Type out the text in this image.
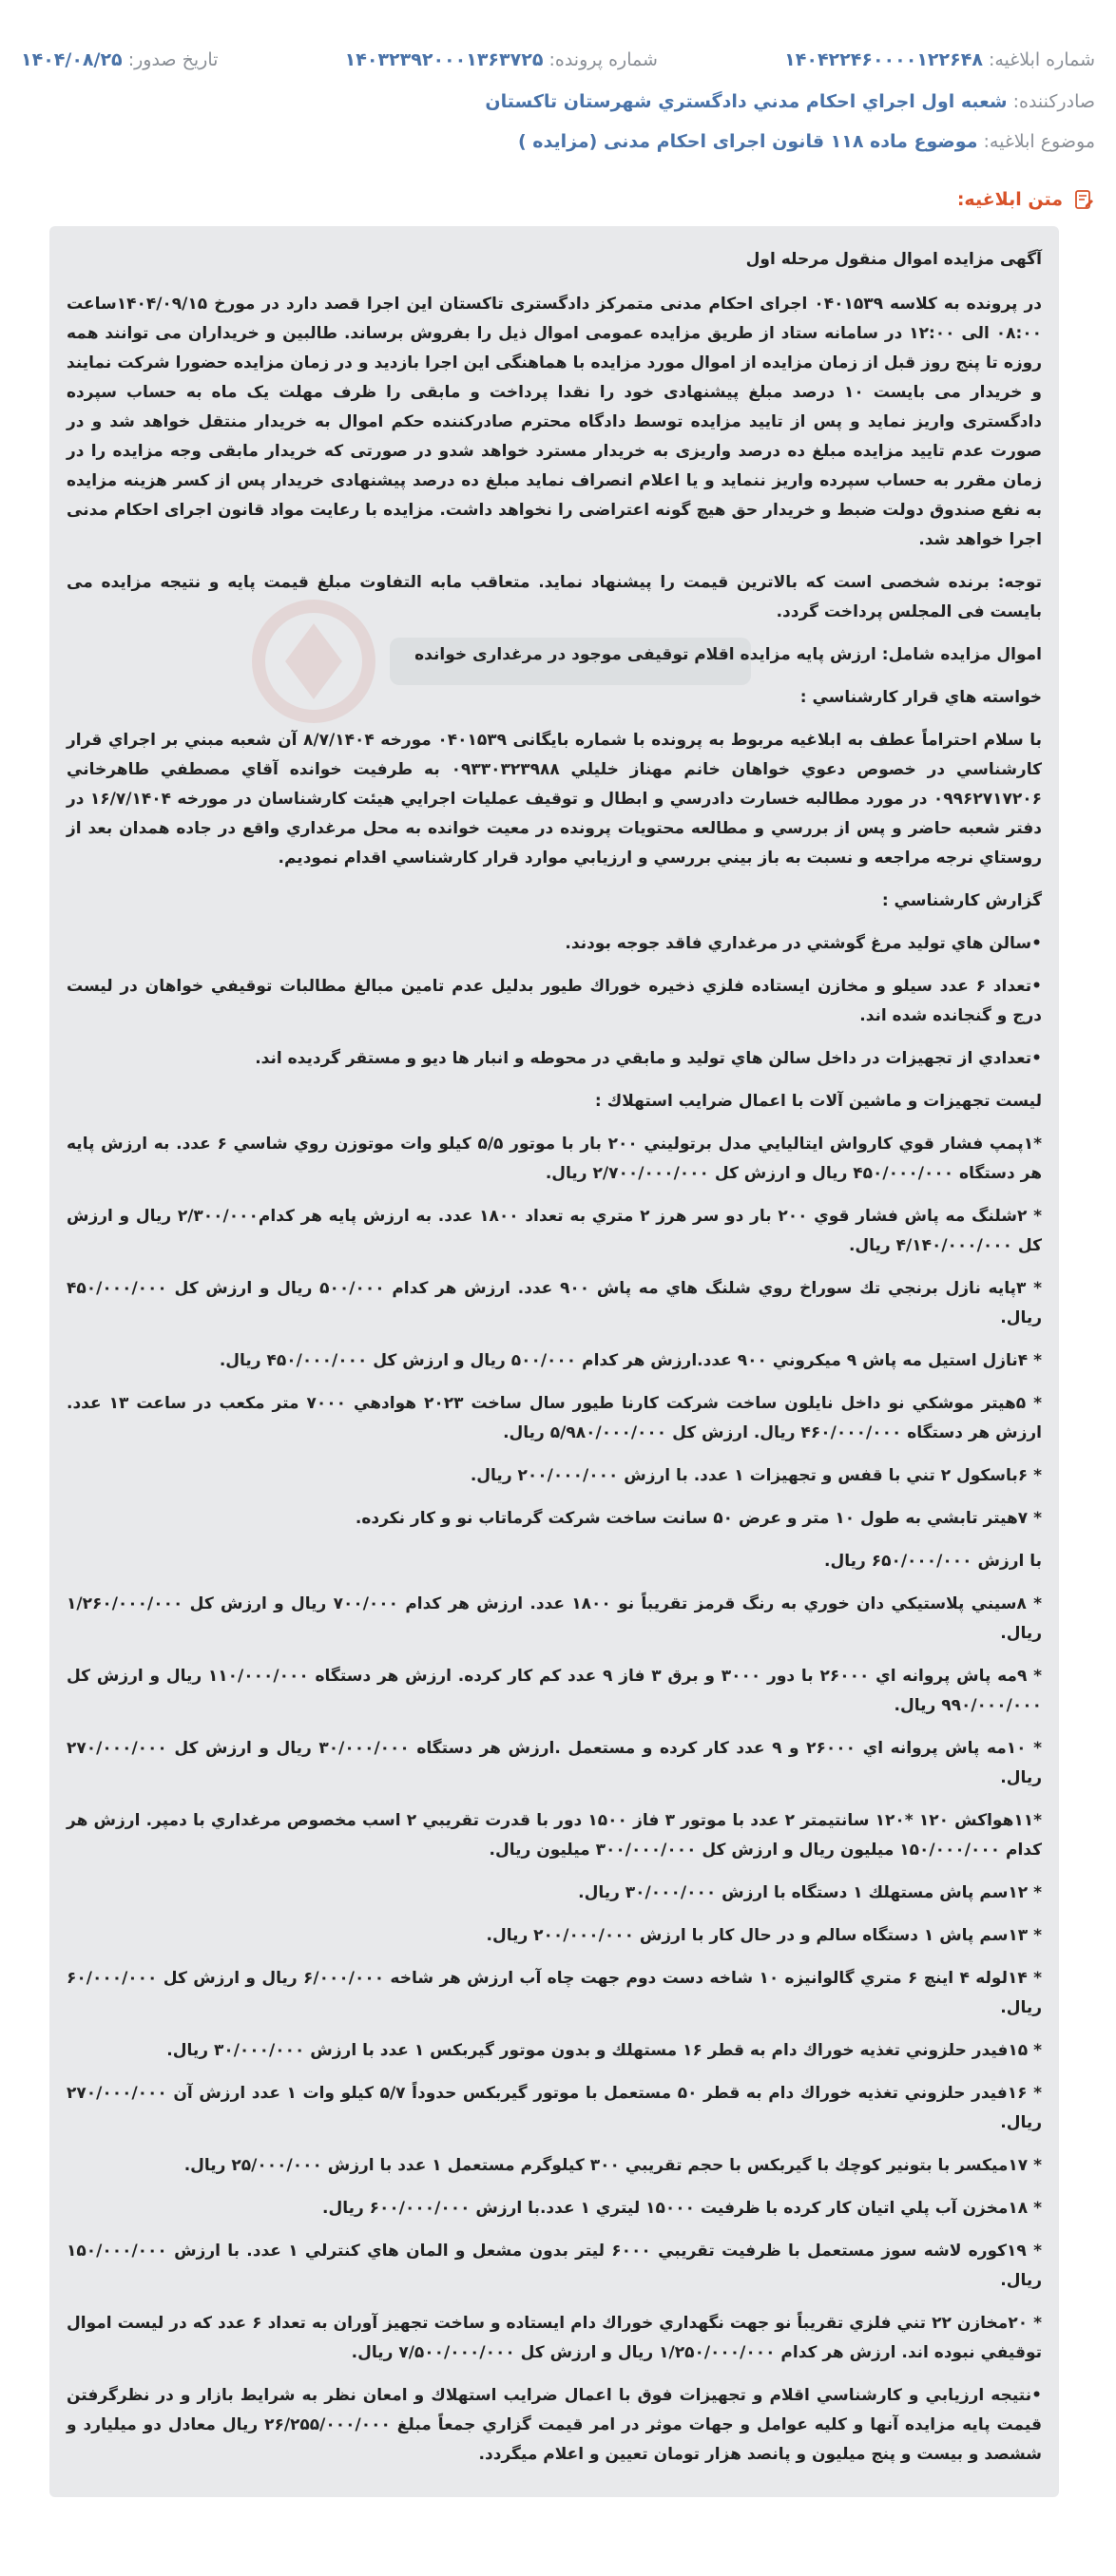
شماره ابلاغیه: ۱۴۰۴۲۲۴۶۰۰۰۰۱۲۲۶۴۸
شماره پرونده: ۱۴۰۳۲۳۹۲۰۰۰۱۳۶۳۷۲۵
تاریخ صدور: ۱۴۰۴/۰۸/۲۵
صادرکننده: شعبه اول اجراي احكام مدني دادگستري شهرستان تاكستان
موضوع ابلاغیه: موضوع ماده ۱۱۸ قانون اجرای احکام مدنی (مزایده )
متن ابلاغیه:

آگهی مزایده اموال منقول مرحله اول

در پرونده به کلاسه ۰۴۰۱۵۳۹ اجرای احکام مدنی متمرکز دادگستری تاکستان این اجرا قصد دارد در مورخ ۱۴۰۴/۰۹/۱۵ساعت ۰۸:۰۰ الی ۱۲:۰۰ در سامانه ستاد از طریق مزایده عمومی اموال ذیل را بفروش برساند. طالبین و خریداران می توانند همه روزه تا پنج روز قبل از زمان مزایده از اموال مورد مزایده با هماهنگی این اجرا بازدید و در زمان مزایده حضورا شرکت نمایند و خریدار می بایست ۱۰ درصد مبلغ پیشنهادی خود را نقدا پرداخت و مابقی را ظرف مهلت یک ماه به حساب سپرده دادگستری واریز نماید و پس از تایید مزایده توسط دادگاه محترم صادرکننده حکم اموال به خریدار منتقل خواهد شد و در صورت عدم تایید مزایده مبلغ ده درصد واریزی به خریدار مسترد خواهد شدو در صورتی که خریدار مابقی وجه مزایده را در زمان مقرر به حساب سپرده واریز ننماید و یا اعلام انصراف نماید مبلغ ده درصد پیشنهادی خریدار پس از کسر هزینه مزایده به نفع صندوق دولت ضبط و خریدار حق هیچ گونه اعتراضی را نخواهد داشت. مزایده با رعایت مواد قانون اجرای احکام مدنی اجرا خواهد شد.

توجه: برنده شخصی است که بالاترین قیمت را پیشنهاد نماید. متعاقب مابه التفاوت مبلغ قیمت پایه و نتیجه مزایده می بایست فی المجلس پرداخت گردد.

اموال مزایده شامل: ارزش پایه مزایده اقلام توقیفی موجود در مرغداری خوانده

خواسته هاي قرار كارشناسي :

با سلام احتراماً عطف به ابلاغیه مربوط به پرونده با شماره بایگانی ۰۴۰۱۵۳۹ مورخه ۸/۷/۱۴۰۴ آن شعبه مبني بر اجراي قرار كارشناسي در خصوص دعوي خواهان خانم مهناز خليلي ۰۹۳۳۰۳۲۳۹۸۸ به طرفيت خوانده آقاي مصطفي طاهرخاني ۰۹۹۶۲۷۱۷۲۰۶ در مورد مطالبه خسارت دادرسي و ابطال و توقيف عمليات اجرايي هيئت كارشناسان در مورخه ۱۶/۷/۱۴۰۴ در دفتر شعبه حاضر و پس از بررسي و مطالعه محتويات پرونده در معيت خوانده به محل مرغداري واقع در جاده همدان بعد از روستاي نرجه مراجعه و نسبت به باز بيني بررسي و ارزيابي موارد قرار كارشناسي اقدام نموديم.

گزارش كارشناسي :

•سالن هاي توليد مرغ گوشتي در مرغداري فاقد جوجه بودند.

•تعداد ۶ عدد سيلو و مخازن ايستاده فلزي ذخيره خوراك طيور بدليل عدم تامين مبالغ مطالبات توقيفي خواهان در ليست درج و گنجانده شده اند.

•تعدادي از تجهيزات در داخل سالن هاي توليد و مابقي در محوطه و انبار ها ديو و مستقر گرديده اند.

ليست تجهيزات و ماشين آلات با اعمال ضرايب استهلاك :

*۱پمپ فشار قوي كارواش ايتاليايي مدل برتوليني ۲۰۰ بار با موتور ۵/۵ كيلو وات موتوزن روي شاسي ۶ عدد. به ارزش پايه هر دستگاه ۴۵۰/۰۰۰/۰۰۰ ريال و ارزش كل ۲/۷۰۰/۰۰۰/۰۰۰ ريال.

* ۲شلنگ مه پاش فشار قوي ۲۰۰ بار دو سر هرز ۲ متري به تعداد ۱۸۰۰ عدد. به ارزش پايه هر كدام۲/۳۰۰/۰۰۰ ريال و ارزش كل ۴/۱۴۰/۰۰۰/۰۰۰ ريال.

* ۳پايه نازل برنجي تك سوراخ روي شلنگ هاي مه پاش ۹۰۰ عدد. ارزش هر كدام ۵۰۰/۰۰۰ ريال و ارزش كل ۴۵۰/۰۰۰/۰۰۰ ريال.

* ۴نازل استيل مه پاش ۹ ميكروني ۹۰۰ عدد.ارزش هر كدام ۵۰۰/۰۰۰ ريال و ارزش كل ۴۵۰/۰۰۰/۰۰۰ ريال.

* ۵هيتر موشكي نو داخل نايلون ساخت شركت كارنا طيور سال ساخت ۲۰۲۳ هوادهي ۷۰۰۰ متر مكعب در ساعت ۱۳ عدد. ارزش هر دستگاه ۴۶۰/۰۰۰/۰۰۰ ريال. ارزش كل ۵/۹۸۰/۰۰۰/۰۰۰ ريال.

* ۶باسكول ۲ تني با قفس و تجهيزات ۱ عدد. با ارزش ۲۰۰/۰۰۰/۰۰۰ ريال.

* ۷هيتر تابشي به طول ۱۰ متر و عرض ۵۰ سانت ساخت شركت گرماتاب نو و كار نكرده.

با ارزش ۶۵۰/۰۰۰/۰۰۰ ريال.

* ۸سيني پلاستيكي دان خوري به رنگ قرمز تقريباً نو ۱۸۰۰ عدد. ارزش هر كدام ۷۰۰/۰۰۰ ريال و ارزش كل ۱/۲۶۰/۰۰۰/۰۰۰ ريال.

* ۹مه پاش پروانه اي ۲۶۰۰۰ با دور ۳۰۰۰ و برق ۳ فاز ۹ عدد كم كار كرده. ارزش هر دستگاه ۱۱۰/۰۰۰/۰۰۰ ريال و ارزش كل ۹۹۰/۰۰۰/۰۰۰ ريال.

* ۱۰مه پاش پروانه اي ۲۶۰۰۰ و ۹ عدد كار كرده و مستعمل .ارزش هر دستگاه ۳۰/۰۰۰/۰۰۰ ريال و ارزش كل ۲۷۰/۰۰۰/۰۰۰ ريال.

*۱۱هواكش ۱۲۰ *۱۲۰ سانتيمتر ۲ عدد با موتور ۳ فاز ۱۵۰۰ دور با قدرت تقريبي ۲ اسب مخصوص مرغداري با دمپر. ارزش هر كدام ۱۵۰/۰۰۰/۰۰۰ ميليون ريال و ارزش كل ۳۰۰/۰۰۰/۰۰۰ ميليون ريال.

* ۱۲سم پاش مستهلك ۱ دستگاه با ارزش ۳۰/۰۰۰/۰۰۰ ريال.

* ۱۳سم پاش ۱ دستگاه سالم و در حال كار با ارزش ۲۰۰/۰۰۰/۰۰۰ ريال.

* ۱۴لوله ۴ اينچ ۶ متري گالوانيزه ۱۰ شاخه دست دوم جهت چاه آب ارزش هر شاخه ۶/۰۰۰/۰۰۰ ريال و ارزش كل ۶۰/۰۰۰/۰۰۰ ريال.

* ۱۵فيدر حلزوني تغذيه خوراك دام به قطر ۱۶ مستهلك و بدون موتور گيربكس ۱ عدد با ارزش ۳۰/۰۰۰/۰۰۰ ريال.

* ۱۶فيدر حلزوني تغذيه خوراك دام به قطر ۵۰ مستعمل با موتور گيربكس حدوداً ۵/۷ كيلو وات ۱ عدد ارزش آن ۲۷۰/۰۰۰/۰۰۰ ريال.

* ۱۷ميكسر با بتونير كوچك با گيربكس با حجم تقريبي ۳۰۰ كيلوگرم مستعمل ۱ عدد با ارزش ۲۵/۰۰۰/۰۰۰ ريال.

* ۱۸مخزن آب پلي اتيان كار كرده با ظرفيت ۱۵۰۰۰ ليتري ۱ عدد.با ارزش ۶۰۰/۰۰۰/۰۰۰ ريال.

* ۱۹كوره لاشه سوز مستعمل با ظرفيت تقريبي ۶۰۰۰ ليتر بدون مشعل و المان هاي كنترلي ۱ عدد. با ارزش ۱۵۰/۰۰۰/۰۰۰ ريال.

* ۲۰مخازن ۲۲ تني فلزي تقريباً نو جهت نگهداري خوراك دام ايستاده و ساخت تجهيز آوران به تعداد ۶ عدد كه در ليست اموال توقيفي نبوده اند. ارزش هر كدام ۱/۲۵۰/۰۰۰/۰۰۰ ريال و ارزش كل ۷/۵۰۰/۰۰۰/۰۰۰ ريال.

•نتيجه ارزيابي و كارشناسي اقلام و تجهيزات فوق با اعمال ضرايب استهلاك و امعان نظر به شرايط بازار و در نظرگرفتن قيمت پايه مزايده آنها و كليه عوامل و جهات موثر در امر قيمت گزاري جمعاً مبلغ ۲۶/۲۵۵/۰۰۰/۰۰۰ ريال معادل دو ميليارد و ششصد و بيست و پنج ميليون و پانصد هزار تومان تعيين و اعلام ميگردد.
